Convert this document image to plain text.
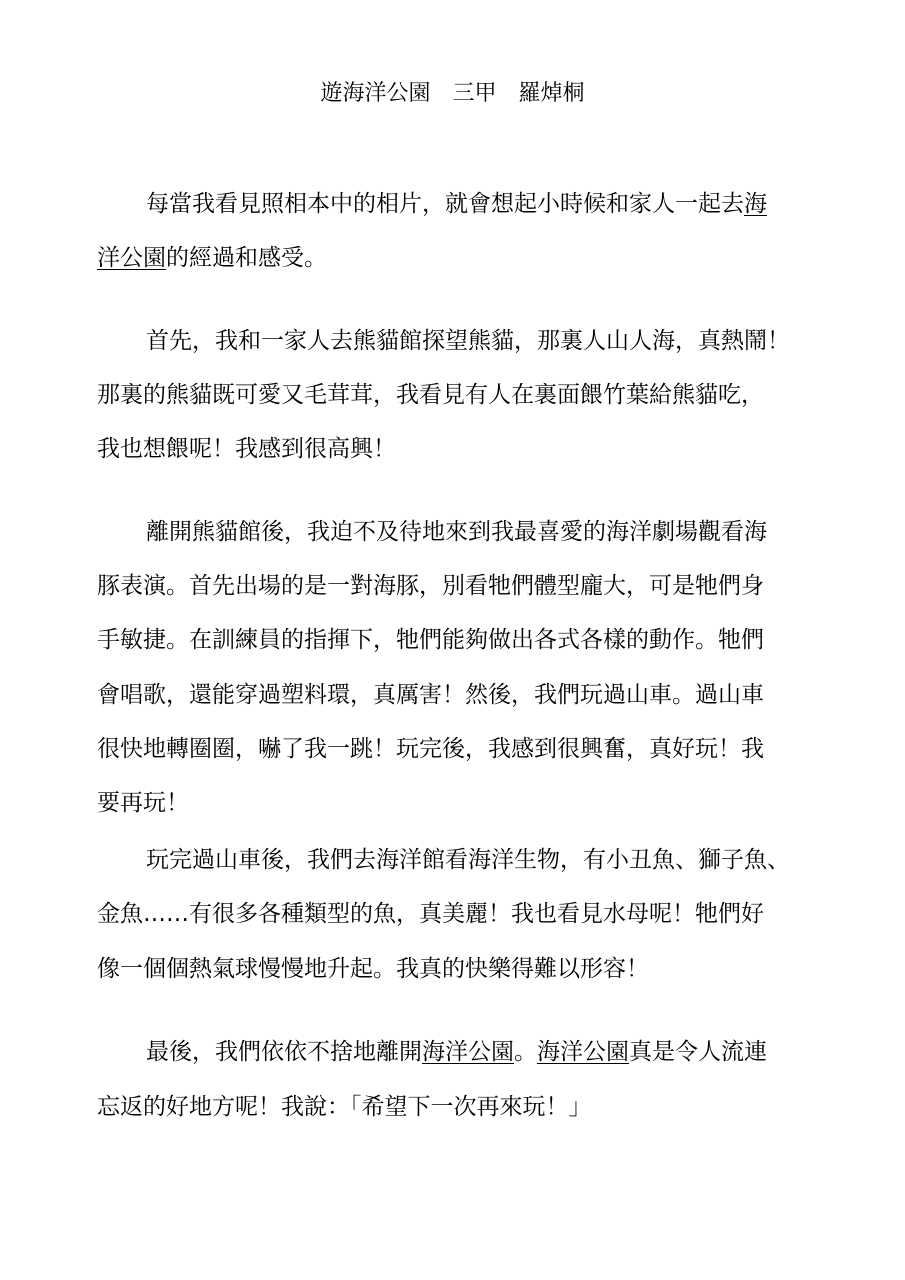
遊海洋公園　三甲　羅焯桐
每當我看見照相本中的相片，就會想起小時候和家人一起去海
洋公園的經過和感受。
首先，我和一家人去熊貓館探望熊貓，那裏人山人海，真熱鬧！
那裏的熊貓既可愛又毛茸茸，我看見有人在裏面餵竹葉給熊貓吃，
我也想餵呢！我感到很高興！
離開熊貓館後，我迫不及待地來到我最喜愛的海洋劇場觀看海
豚表演。首先出場的是一對海豚，別看牠們體型龐大，可是牠們身
手敏捷。在訓練員的指揮下，牠們能夠做出各式各樣的動作。牠們
會唱歌，還能穿過塑料環，真厲害！然後，我們玩過山車。過山車
很快地轉圈圈，嚇了我一跳！玩完後，我感到很興奮，真好玩！我
要再玩！
玩完過山車後，我們去海洋館看海洋生物，有小丑魚、獅子魚、
金魚……有很多各種類型的魚，真美麗！我也看見水母呢！牠們好
像一個個熱氣球慢慢地升起。我真的快樂得難以形容！
最後，我們依依不捨地離開海洋公園。海洋公園真是令人流連
忘返的好地方呢！我說：「希望下一次再來玩！」
